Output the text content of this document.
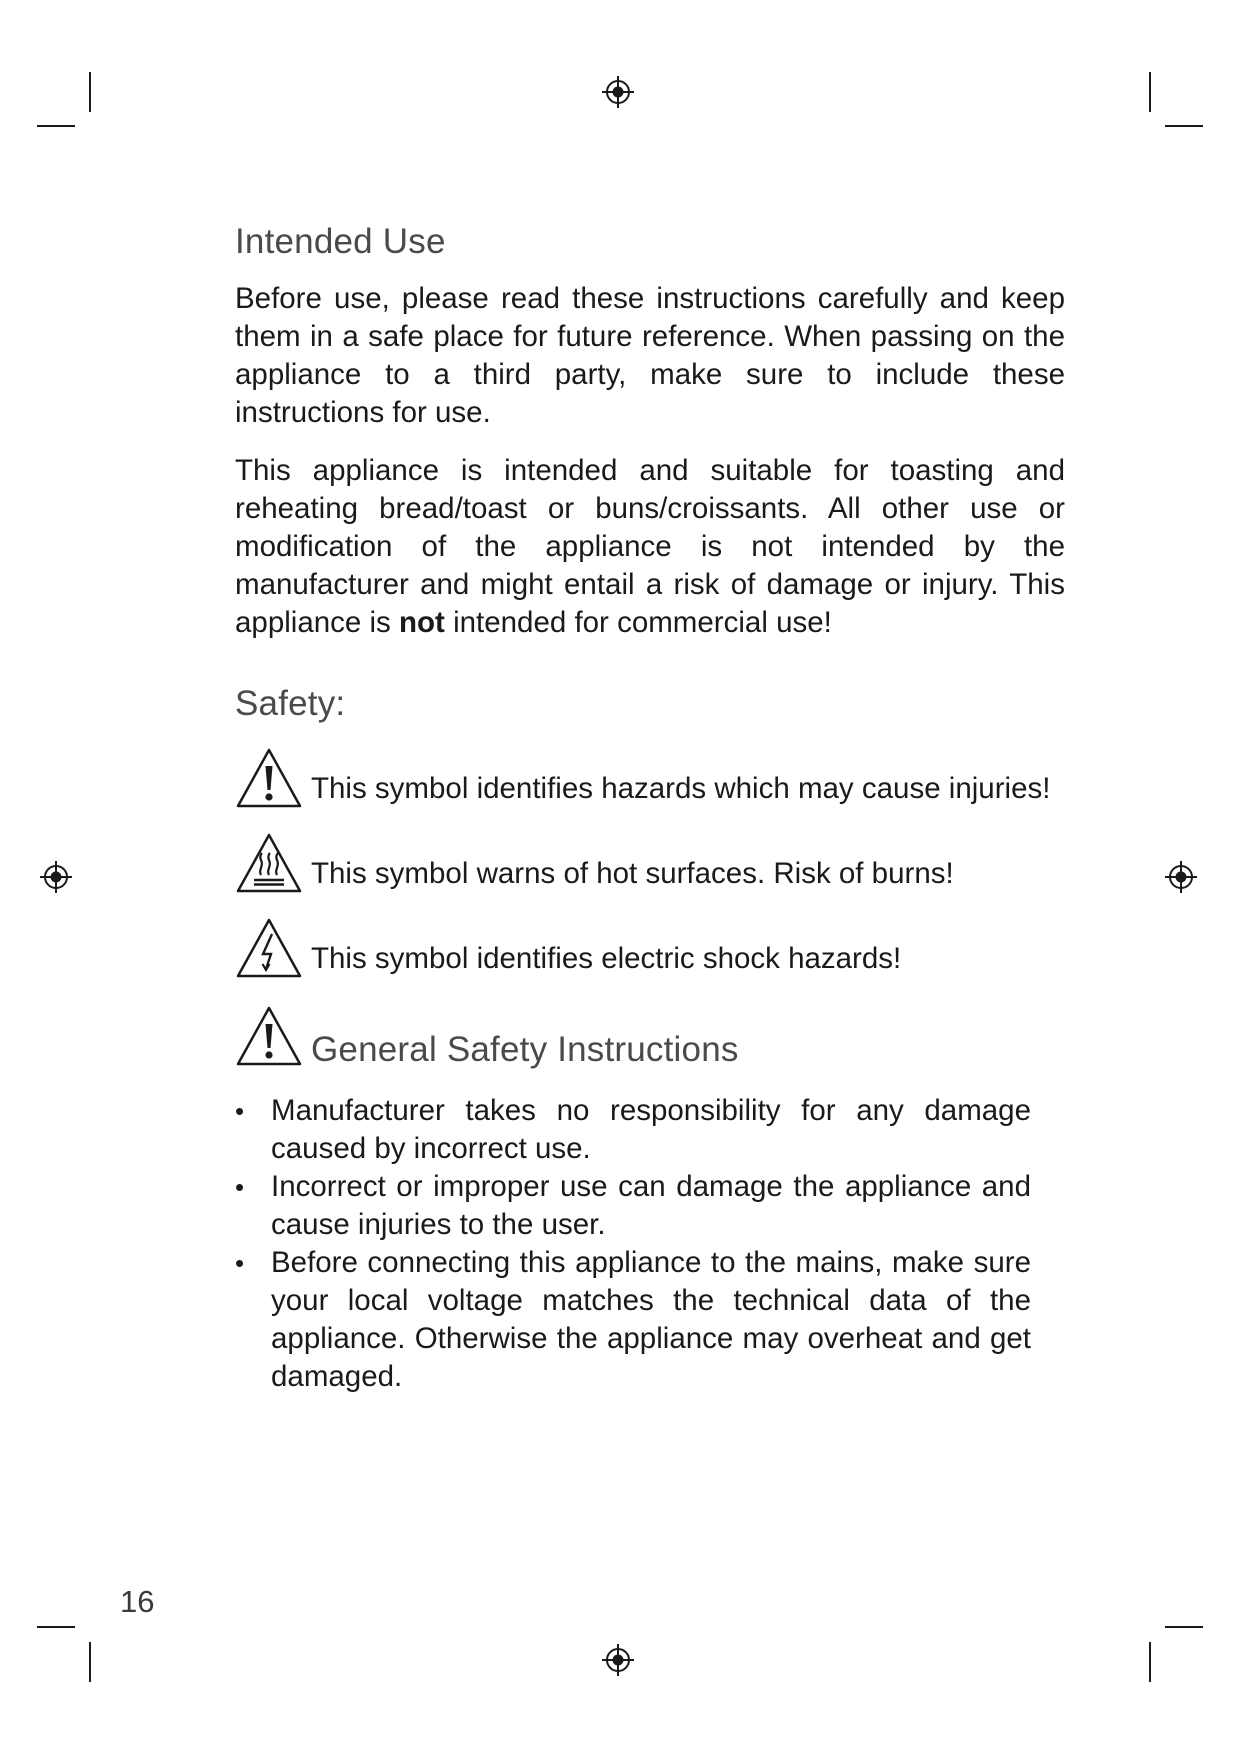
Intended Use

Before use, please read these instructions carefully and keep them in a safe place for future reference. When passing on the appliance to a third party, make sure to include these instructions for use.

This appliance is intended and suitable for toasting and reheating bread/toast or buns/croissants. All other use or modification of the appliance is not intended by the manufacturer and might entail a risk of damage or injury. This appliance is not intended for commercial use!

Safety:
This symbol identifies hazards which may cause injuries!
This symbol warns of hot surfaces. Risk of burns!
This symbol identifies electric shock hazards!
General Safety Instructions
• Manufacturer takes no responsibility for any damage caused by incorrect use.
• Incorrect or improper use can damage the appliance and cause injuries to the user.
• Before connecting this appliance to the mains, make sure your local voltage matches the technical data of the appliance. Otherwise the appliance may overheat and get damaged.
16
